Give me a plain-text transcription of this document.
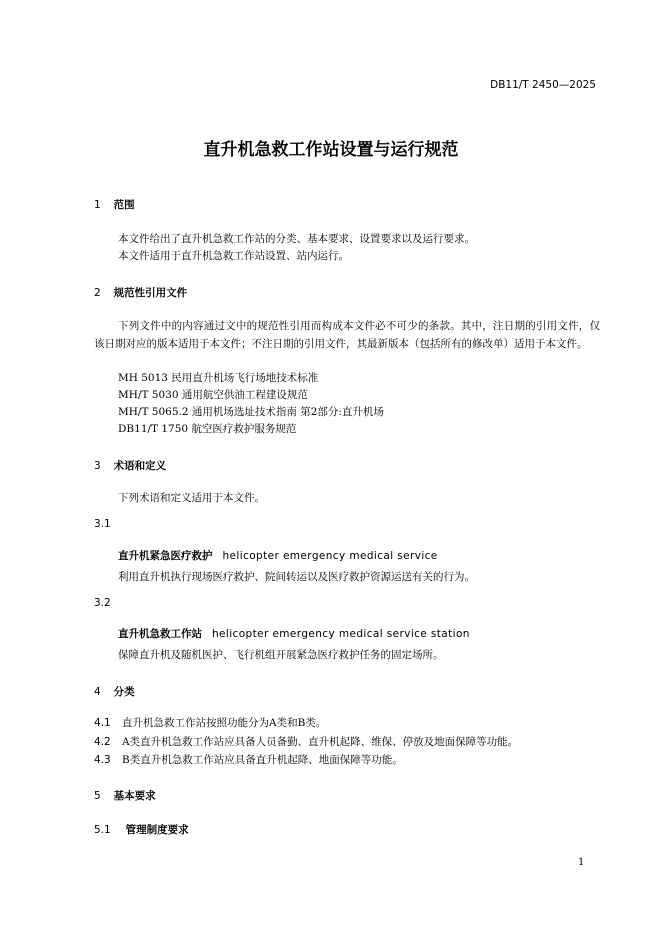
DB11/T 2450—2025
直升机急救工作站设置与运行规范
1 范围
本文件给出了直升机急救工作站的分类、基本要求、设置要求以及运行要求。
本文件适用于直升机急救工作站设置、站内运行。
2 规范性引用文件
下列文件中的内容通过文中的规范性引用而构成本文件必不可少的条款。其中，注日期的引用文件，仅该日期对应的版本适用于本文件；不注日期的引用文件，其最新版本（包括所有的修改单）适用于本文件。
MH 5013 民用直升机场飞行场地技术标准
MH/T 5030 通用航空供油工程建设规范
MH/T 5065.2 通用机场选址技术指南 第2部分:直升机场
DB11/T 1750 航空医疗救护服务规范
3 术语和定义
下列术语和定义适用于本文件。
3.1
直升机紧急医疗救护 helicopter emergency medical service
利用直升机执行现场医疗救护、院间转运以及医疗救护资源运送有关的行为。
3.2
直升机急救工作站 helicopter emergency medical service station
保障直升机及随机医护、飞行机组开展紧急医疗救护任务的固定场所。
4 分类
4.1 直升机急救工作站按照功能分为A类和B类。
4.2 A类直升机急救工作站应具备人员备勤、直升机起降、维保、停放及地面保障等功能。
4.3 B类直升机急救工作站应具备直升机起降、地面保障等功能。
5 基本要求
5.1 管理制度要求
1
